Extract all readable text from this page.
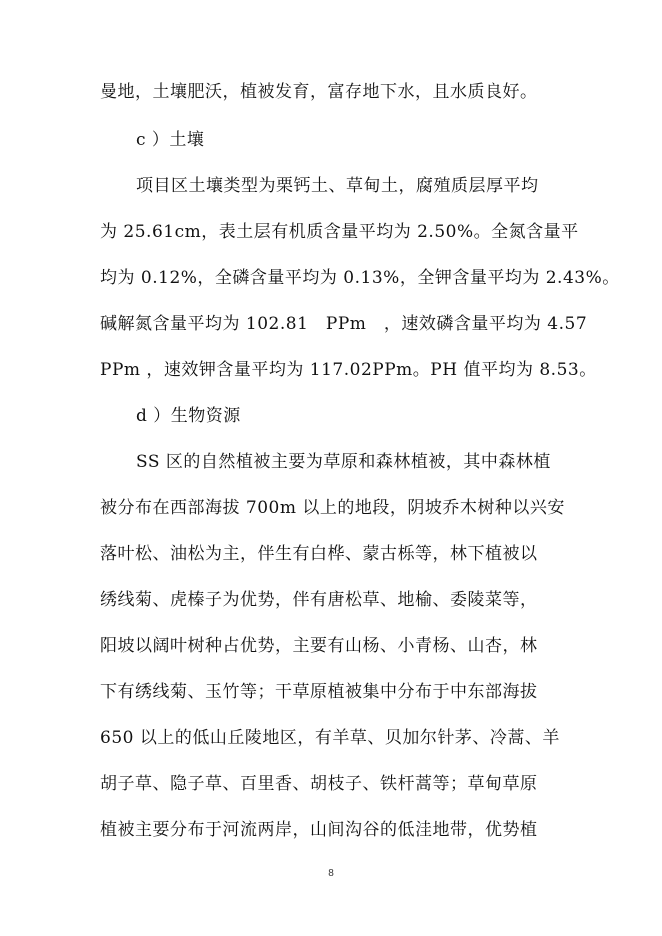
曼地，土壤肥沃，植被发育，富存地下水，且水质良好。
c ）土壤
项目区土壤类型为栗钙土、草甸土，腐殖质层厚平均
为 25.61cm，表土层有机质含量平均为 2.50%。全氮含量平
均为 0.12%，全磷含量平均为 0.13%，全钾含量平均为 2.43%。
碱解氮含量平均为 102.81　PPm　，速效磷含量平均为 4.57
PPm ，速效钾含量平均为 117.02PPm。PH 值平均为 8.53。
d ）生物资源
SS 区的自然植被主要为草原和森林植被，其中森林植
被分布在西部海拔 700m 以上的地段，阴坡乔木树种以兴安
落叶松、油松为主，伴生有白桦、蒙古栎等，林下植被以
绣线菊、虎榛子为优势，伴有唐松草、地榆、委陵菜等，
阳坡以阔叶树种占优势，主要有山杨、小青杨、山杏，林
下有绣线菊、玉竹等；干草原植被集中分布于中东部海拔
650 以上的低山丘陵地区，有羊草、贝加尔针茅、冷蒿、羊
胡子草、隐子草、百里香、胡枝子、铁杆蒿等；草甸草原
植被主要分布于河流两岸，山间沟谷的低洼地带，优势植
8
